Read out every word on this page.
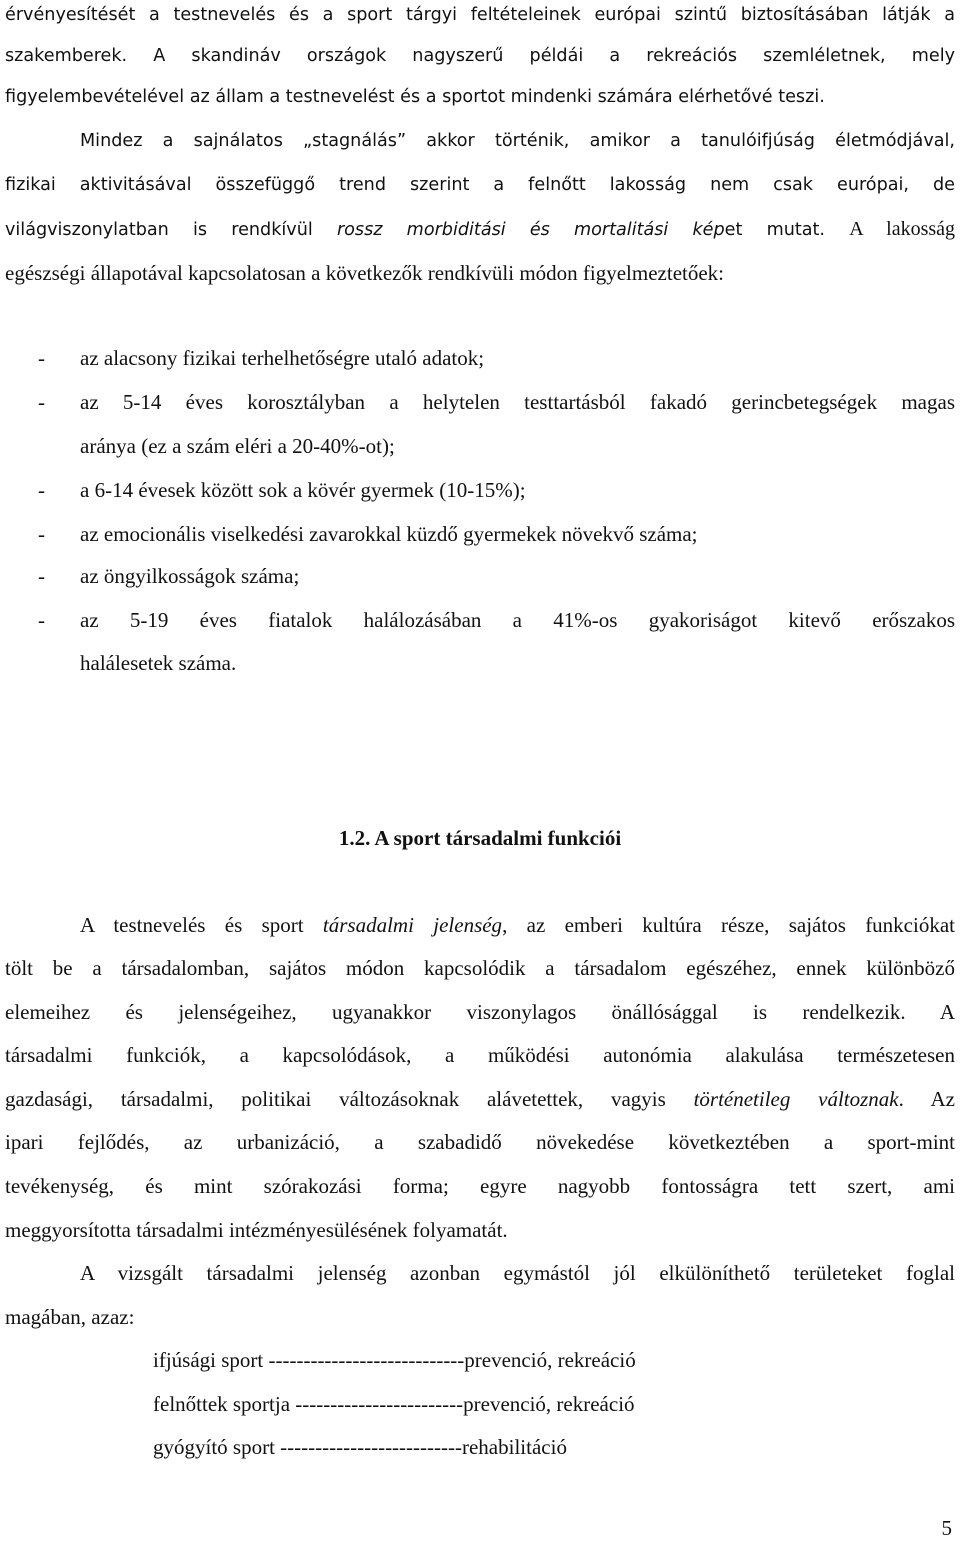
érvényesítését a testnevelés és a sport tárgyi feltételeinek európai szintű biztosításában látják a
szakemberek. A skandináv országok nagyszerű példái a rekreációs szemléletnek, mely
figyelembevételével az állam a testnevelést és a sportot mindenki számára elérhetővé teszi.
Mindez a sajnálatos „stagnálás” akkor történik, amikor a tanulóifjúság életmódjával,
fizikai aktivitásával összefüggő trend szerint a felnőtt lakosság nem csak európai, de
világviszonylatban is rendkívül rossz morbiditási és mortalitási képet mutat. A lakosság
egészségi állapotával kapcsolatosan a következők rendkívüli módon figyelmeztetőek:
- az alacsony fizikai terhelhetőségre utaló adatok;
- az 5-14 éves korosztályban a helytelen testtartásból fakadó gerincbetegségek magas
aránya (ez a szám eléri a 20-40%-ot);
- a 6-14 évesek között sok a kövér gyermek (10-15%);
- az emocionális viselkedési zavarokkal küzdő gyermekek növekvő száma;
- az öngyilkosságok száma;
- az 5-19 éves fiatalok halálozásában a 41%-os gyakoriságot kitevő erőszakos
halálesetek száma.
1.2. A sport társadalmi funkciói
A testnevelés és sport társadalmi jelenség, az emberi kultúra része, sajátos funkciókat
tölt be a társadalomban, sajátos módon kapcsolódik a társadalom egészéhez, ennek különböző
elemeihez és jelenségeihez, ugyanakkor viszonylagos önállósággal is rendelkezik. A
társadalmi funkciók, a kapcsolódások, a működési autonómia alakulása természetesen
gazdasági, társadalmi, politikai változásoknak alávetettek, vagyis történetileg változnak. Az
ipari fejlődés, az urbanizáció, a szabadidő növekedése következtében a sport-mint
tevékenység, és mint szórakozási forma; egyre nagyobb fontosságra tett szert, ami
meggyorsította társadalmi intézményesülésének folyamatát.
A vizsgált társadalmi jelenség azonban egymástól jól elkülöníthető területeket foglal
magában, azaz:
ifjúsági sport ----------------------------prevenció, rekreáció
felnőttek sportja ------------------------prevenció, rekreáció
gyógyító sport --------------------------rehabilitáció
5
